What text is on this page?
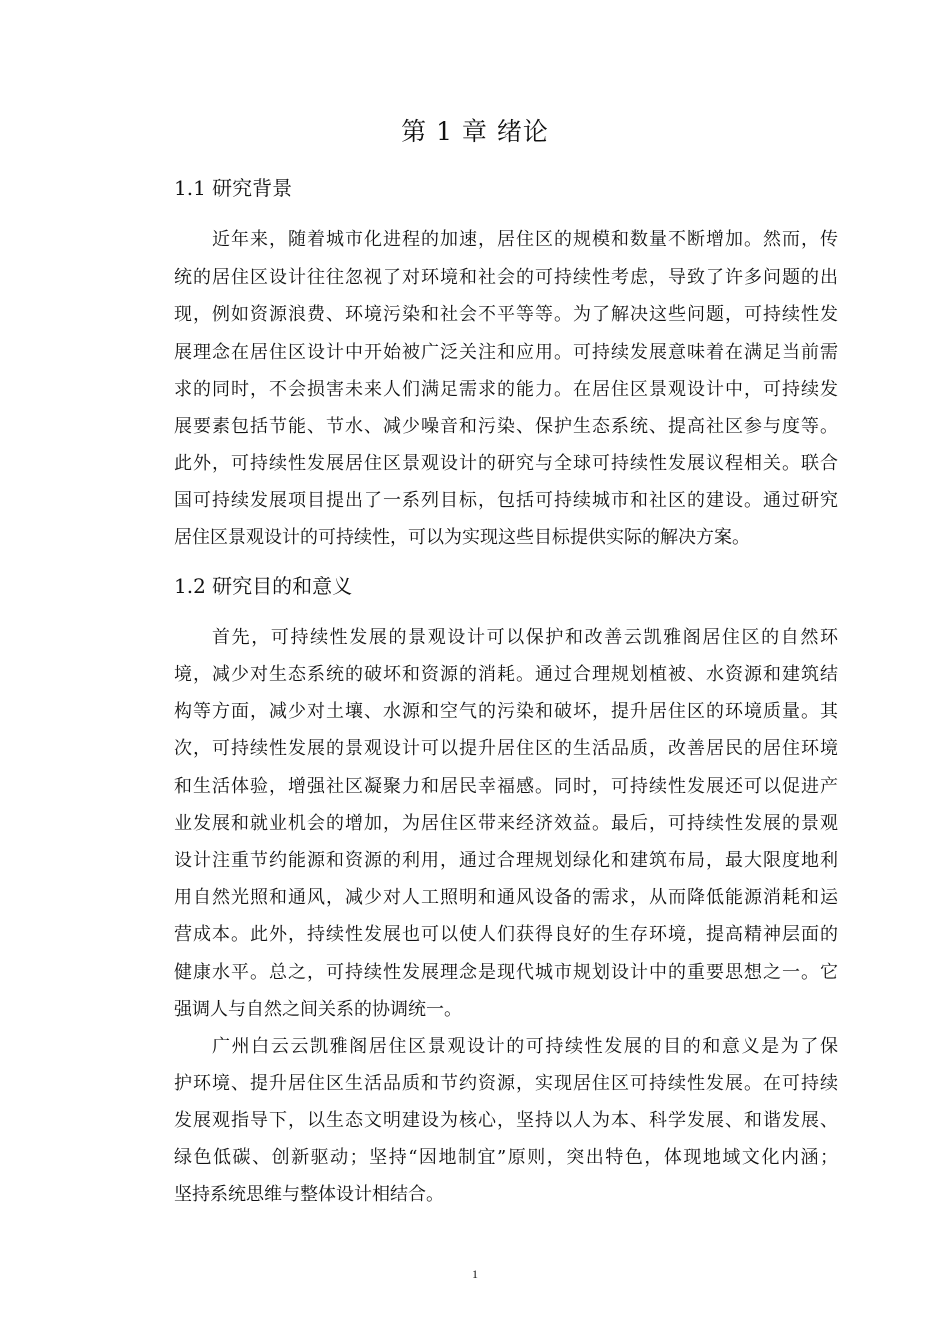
第 1 章 绪论
1.1 研究背景
近年来，随着城市化进程的加速，居住区的规模和数量不断增加。然而，传
统的居住区设计往往忽视了对环境和社会的可持续性考虑，导致了许多问题的出
现，例如资源浪费、环境污染和社会不平等等。为了解决这些问题，可持续性发
展理念在居住区设计中开始被广泛关注和应用。可持续发展意味着在满足当前需
求的同时，不会损害未来人们满足需求的能力。在居住区景观设计中，可持续发
展要素包括节能、节水、减少噪音和污染、保护生态系统、提高社区参与度等。
此外，可持续性发展居住区景观设计的研究与全球可持续性发展议程相关。联合
国可持续发展项目提出了一系列目标，包括可持续城市和社区的建设。通过研究
居住区景观设计的可持续性，可以为实现这些目标提供实际的解决方案。
1.2 研究目的和意义
首先，可持续性发展的景观设计可以保护和改善云凯雅阁居住区的自然环
境，减少对生态系统的破坏和资源的消耗。通过合理规划植被、水资源和建筑结
构等方面，减少对土壤、水源和空气的污染和破坏，提升居住区的环境质量。其
次，可持续性发展的景观设计可以提升居住区的生活品质，改善居民的居住环境
和生活体验，增强社区凝聚力和居民幸福感。同时，可持续性发展还可以促进产
业发展和就业机会的增加，为居住区带来经济效益。最后，可持续性发展的景观
设计注重节约能源和资源的利用，通过合理规划绿化和建筑布局，最大限度地利
用自然光照和通风，减少对人工照明和通风设备的需求，从而降低能源消耗和运
营成本。此外，持续性发展也可以使人们获得良好的生存环境，提高精神层面的
健康水平。总之，可持续性发展理念是现代城市规划设计中的重要思想之一。它
强调人与自然之间关系的协调统一。
广州白云云凯雅阁居住区景观设计的可持续性发展的目的和意义是为了保
护环境、提升居住区生活品质和节约资源，实现居住区可持续性发展。在可持续
发展观指导下，以生态文明建设为核心，坚持以人为本、科学发展、和谐发展、
绿色低碳、创新驱动；坚持“因地制宜”原则，突出特色，体现地域文化内涵；
坚持系统思维与整体设计相结合。
1
